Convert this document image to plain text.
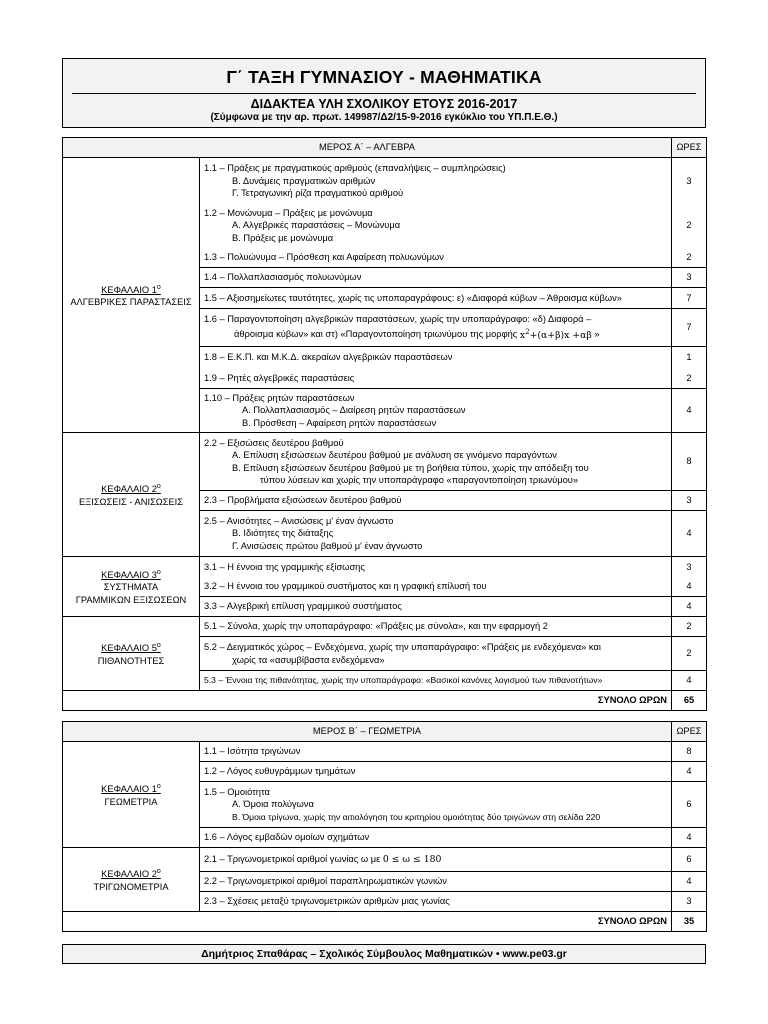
Γ΄ ΤΑΞΗ ΓΥΜΝΑΣΙΟΥ - ΜΑΘΗΜΑΤΙΚΑ
ΔΙΔΑΚΤΕΑ ΥΛΗ ΣΧΟΛΙΚΟΥ ΕΤΟΥΣ 2016-2017
(Σύμφωνα με την αρ. πρωτ. 149987/Δ2/15-9-2016 εγκύκλιο του ΥΠ.Π.Ε.Θ.)
ΜΕΡΟΣ Α΄ – ΑΛΓΕΒΡΑ		ΩΡΕΣ
ΚΕΦΑΛΑΙΟ $1^o$
ΑΛΓΕΒΡΙΚΕΣ ΠΑΡΑΣΤΑΣΕΙΣ	1.1 – Πράξεις με πραγματικούς αριθμούς (επαναλήψεις – συμπληρώσεις)
Β. Δυνάμεις πραγματικών αριθμών
Γ. Τετραγωνική ρίζα πραγματικού αριθμού	3

	1.2 – Μονώνυμα – Πράξεις με μονώνυμα
Α. Αλγεβρικές παραστάσεις – Μονώνυμα
Β. Πράξεις με μονώνυμα	2
	1.3 – Πολυώνυμα – Πρόσθεση και Αφαίρεση πολυωνύμων	2
	1.4 – Πολλαπλασιασμός πολυωνύμων	3
	1.5 – Αξιοσημείωτες ταυτότητες, χωρίς τις υποπαραγράφους: ε) «Διαφορά κύβων – Άθροισμα κύβων»	7

	1.6 – Παραγοντοποίηση αλγεβρικών παραστάσεων, χωρίς την υποπαράγραφο: «δ) Διαφορά –
άθροισμα κύβων» και στ) «Παραγοντοποίηση τριωνύμου της μορφής $x^2+(\alpha+\beta)x +\alpha\beta$ »	7
	1.8 – Ε.Κ.Π. και Μ.Κ.Δ. ακεραίων αλγεβρικών παραστάσεων	1
	1.9 – Ρητές αλγεβρικές παραστάσεις	2

	1.10 – Πράξεις ρητών παραστάσεων
Α. Πολλαπλασιασμός – Διαίρεση ρητών παραστάσεων
Β. Πρόσθεση – Αφαίρεση ρητών παραστάσεων	4
ΚΕΦΑΛΑΙΟ $2^o$
ΕΞΙΣΩΣΕΙΣ - ΑΝΙΣΩΣΕΙΣ	2.2 – Εξισώσεις δευτέρου βαθμού
Α. Επίλυση εξισώσεων δευτέρου βαθμού με ανάλυση σε γινόμενο παραγόντων
Β. Επίλυση εξισώσεων δευτέρου βαθμού με τη βοήθεια τύπου, χωρίς την απόδειξη του
τύπου λύσεων και χωρίς την υποπαράγραφο «παραγοντοποίηση τριωνύμου»	8
	2.3 – Προβλήματα εξισώσεων δευτέρου βαθμού	3

	2.5 – Ανισότητες – Ανισώσεις μ' έναν άγνωστο
Β. Ιδιότητες της διάταξης
Γ. Ανισώσεις πρώτου βαθμού μ' έναν άγνωστο	4
ΚΕΦΑΛΑΙΟ $3^o$
ΣΥΣΤΗΜΑΤΑ
ΓΡΑΜΜΙΚΩΝ ΕΞΙΣΩΣΕΩΝ	3.1 – Η έννοια της γραμμικής εξίσωσης	3
	3.2 – Η έννοια του γραμμικού συστήματος και η γραφική επίλυσή του	4
	3.3 – Αλγεβρική επίλυση γραμμικού συστήματος	4
ΚΕΦΑΛΑΙΟ $5^o$
ΠΙΘΑΝΟΤΗΤΕΣ	5.1 – Σύνολα, χωρίς την υποπαράγραφο: «Πράξεις με σύνολα», και την εφαρμογή 2	2

	5.2 – Δειγματικός χώρος – Ενδεχόμενα, χωρίς την υποπαράγραφο: «Πράξεις με ενδεχόμενα» και
χωρίς τα «ασυμβίβαστα ενδεχόμενα»	2
	5.3 – Έννοια της πιθανότητας, χωρίς την υποπαράγραφο: «Βασικοί κανόνες λογισμού των πιθανοτήτων»	4
ΣΥΝΟΛΟ ΩΡΩΝ		65
ΜΕΡΟΣ Β΄ – ΓΕΩΜΕΤΡΙΑ		ΩΡΕΣ
ΚΕΦΑΛΑΙΟ $1^o$
ΓΕΩΜΕΤΡΙΑ	1.1 – Ισότητα τριγώνων	8
	1.2 – Λόγος ευθυγράμμων τμημάτων	4

	1.5 – Ομοιότητα
Α. Όμοια πολύγωνα
Β. Όμοια τρίγωνα, χωρίς την αιτιολόγηση του κριτηρίου ομοιότητας δύο τριγώνων στη σελίδα 220	6
	1.6 – Λόγος εμβαδών ομοίων σχημάτων	4
ΚΕΦΑΛΑΙΟ $2^o$
ΤΡΙΓΩΝΟΜΕΤΡΙΑ	2.1 – Τριγωνομετρικοί αριθμοί γωνίας ω με 0 ≤ ω ≤ 180	6
	2.2 – Τριγωνομετρικοί αριθμοί παραπληρωματικών γωνιών	4
	2.3 – Σχέσεις μεταξύ τριγωνομετρικών αριθμών μιας γωνίας	3
ΣΥΝΟΛΟ ΩΡΩΝ		35
Δημήτριος Σπαθάρας – Σχολικός Σύμβουλος Μαθηματικών • www.pe03.gr
